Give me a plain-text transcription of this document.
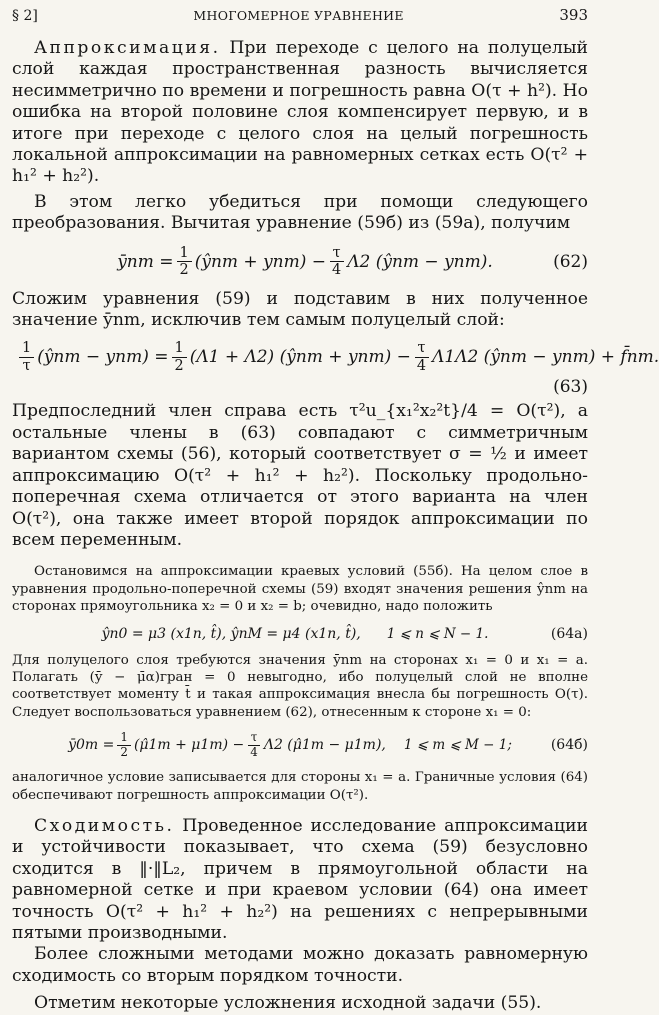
§ 2]	МНОГОМЕРНОЕ УРАВНЕНИЕ	393

Аппроксимация. При переходе с целого на полуцелый слой каждая пространственная разность вычисляется несимметрично по времени и погрешность равна O(τ + h²). Но ошибка на второй половине слоя компенсирует первую, и в итоге при переходе с целого слоя на целый погрешность локальной аппроксимации на равномерных сетках есть O(τ² + h₁² + h₂²).

В этом легко убедиться при помощи следующего преобразования. Вычитая уравнение (59б) из (59а), получим

ȳnm = $\frac{1}{2}$ (ŷnm + $ynm) - \frac{\tau}{4} \Lambda 2$ (ŷnm − ynm).	(62)

Сложим уравнения (59) и подставим в них полученное значение ȳnm, исключив тем самым полуцелый слой:

$\frac{1}{\tau}$ (ŷnm − $ynm) = \frac{1}{2} (\Lambda 1 + \Lambda 2)$ (ŷnm + $ynm) - \frac{\tau}{4} \Lambda 1\Lambda 2$ (ŷnm − ynm) + f̄nm.
(63)

Предпоследний член справа есть τ²u_{x₁²x₂²t}/4 = O(τ²), а остальные члены в (63) совпадают с симметричным вариантом схемы (56), который соответствует σ = ½ и имеет аппроксимацию O(τ² + h₁² + h₂²). Поскольку продольно-поперечная схема отличается от этого варианта на член O(τ²), она также имеет второй порядок аппроксимации по всем переменным.

Остановимся на аппроксимации краевых условий (55б). На целом слое в уравнения продольно-поперечной схемы (59) входят значения решения ŷnm на сторонах прямоугольника x₂ = 0 и x₂ = b; очевидно, надо положить

ŷn0 = μ3 (x1n, t̂), ŷnM = μ4 (x1n, t̂), 1 ⩽ n ⩽ N − 1.	(64а)

Для полуцелого слоя требуются значения ȳnm на сторонах x₁ = 0 и x₁ = a. Полагать (ȳ − μ̄α)гран = 0 невыгодно, ибо полуцелый слой не вполне соответствует моменту t̄ и такая аппроксимация внесла бы погрешность O(τ). Следует воспользоваться уравнением (62), отнесенным к стороне x₁ = 0:

ȳ0m = $\frac{1}{2}$ (μ̂1m + $\mu 1m) - \frac{\tau}{4} \Lambda 2$ (μ̂1m − μ1m), 1 ⩽ m ⩽ M − 1;	(64б)

аналогичное условие записывается для стороны x₁ = a. Граничные условия (64) обеспечивают погрешность аппроксимации O(τ²).

Сходимость. Проведенное исследование аппроксимации и устойчивости показывает, что схема (59) безусловно сходится в ‖·‖L₂, причем в прямоугольной области на равномерной сетке и при краевом условии (64) она имеет точность O(τ² + h₁² + h₂²) на решениях с непрерывными пятыми производными.

Более сложными методами можно доказать равномерную сходимость со вторым порядком точности.

Отметим некоторые усложнения исходной задачи (55).
